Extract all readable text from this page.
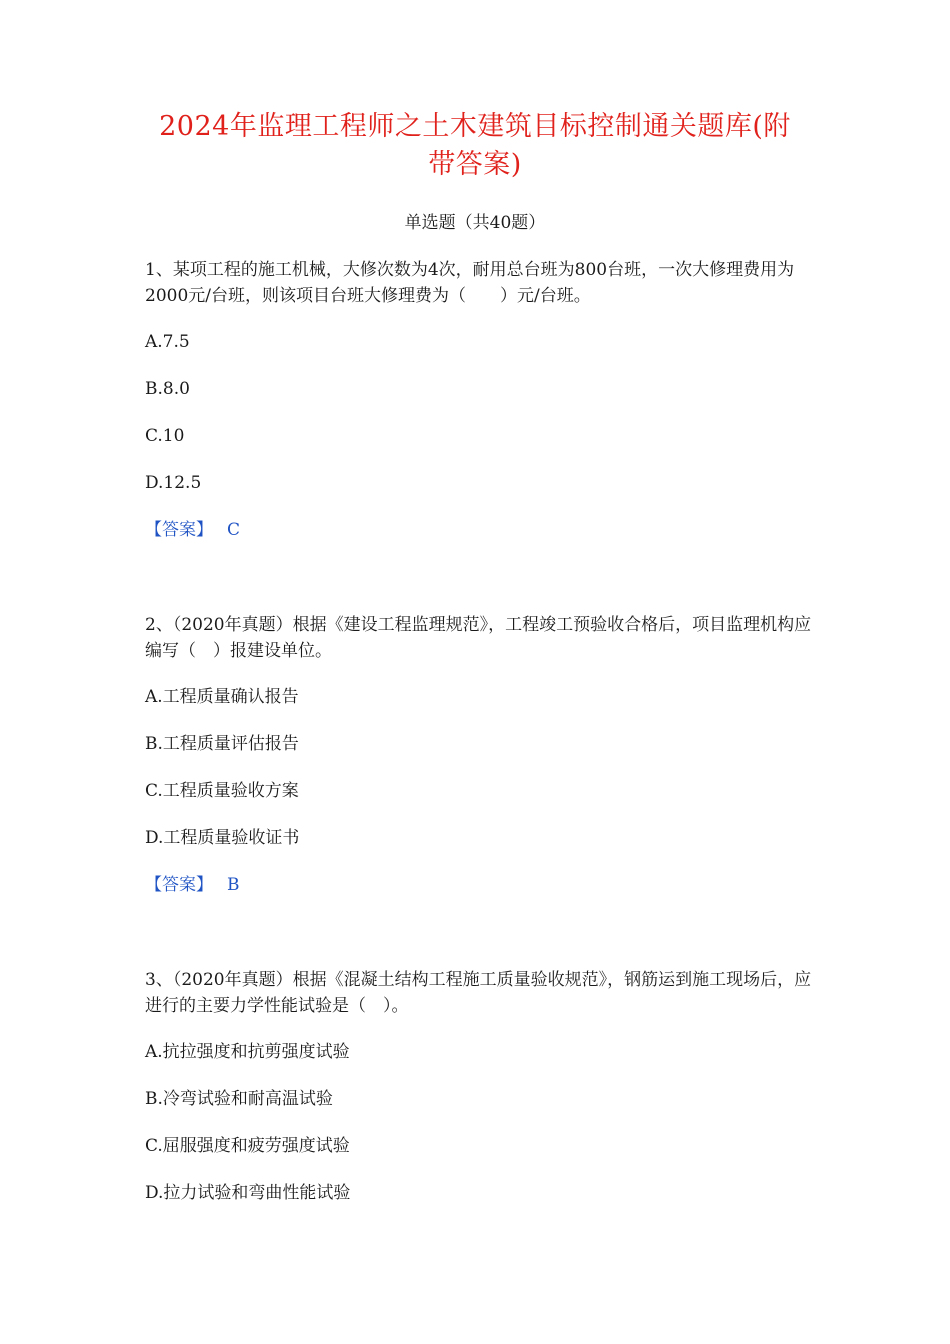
2024年监理工程师之土木建筑目标控制通关题库(附
带答案)
单选题（共40题）
1、某项工程的施工机械，大修次数为4次，耐用总台班为800台班，一次大修理费用为2000元/台班，则该项目台班大修理费为（　　）元/台班。
A.7.5
B.8.0
C.10
D.12.5
【答案】 C
2、（2020年真题）根据《建设工程监理规范》，工程竣工预验收合格后，项目监理机构应编写（　）报建设单位。
A.工程质量确认报告
B.工程质量评估报告
C.工程质量验收方案
D.工程质量验收证书
【答案】 B
3、（2020年真题）根据《混凝土结构工程施工质量验收规范》，钢筋运到施工现场后，应进行的主要力学性能试验是（　）。
A.抗拉强度和抗剪强度试验
B.冷弯试验和耐高温试验
C.屈服强度和疲劳强度试验
D.拉力试验和弯曲性能试验
